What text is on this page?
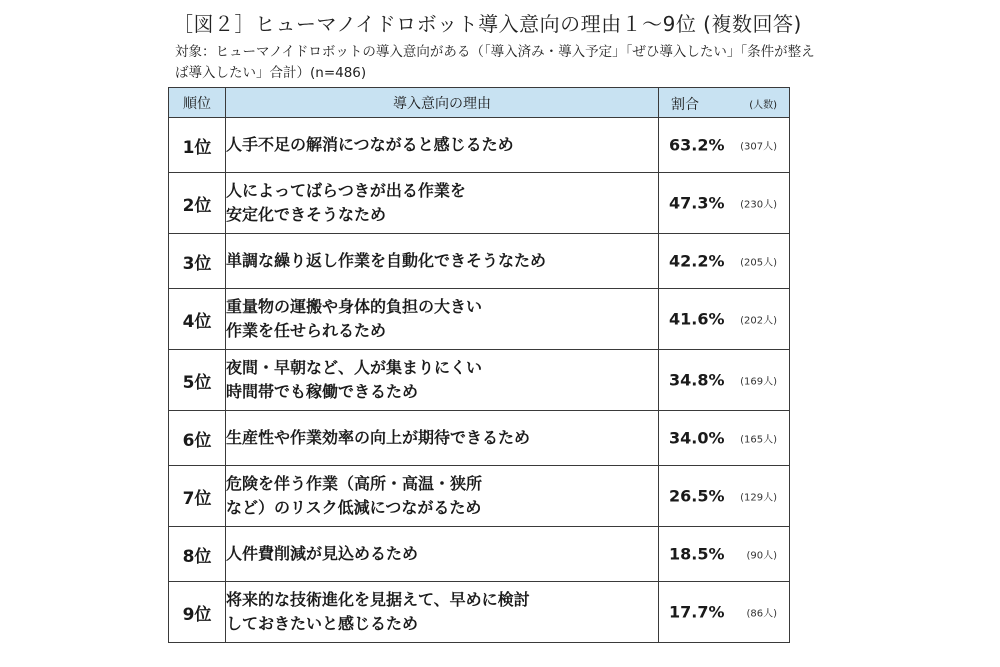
［図２］ヒューマノイドロボット導入意向の理由１～9位 (複数回答)
対象：ヒューマノイドロボットの導入意向がある（「導入済み・導入予定」「ぜひ導入したい」「条件が整えば導入したい」合計）(n=486)
順位	導入意向の理由	割合 (人数)

1位	人手不足の解消につながると感じるため	63.2% (307人)

2位	人によってばらつきが出る作業を
安定化できそうなため	47.3% (230人)

3位	単調な繰り返し作業を自動化できそうなため	42.2% (205人)

4位	重量物の運搬や身体的負担の大きい
作業を任せられるため	41.6% (202人)

5位	夜間・早朝など、人が集まりにくい
時間帯でも稼働できるため	34.8% (169人)

6位	生産性や作業効率の向上が期待できるため	34.0% (165人)

7位	危険を伴う作業（高所・高温・狭所
など）のリスク低減につながるため	26.5% (129人)

8位	人件費削減が見込めるため	18.5% (90人)

9位	将来的な技術進化を見据えて、早めに検討
しておきたいと感じるため	17.7% (86人)
